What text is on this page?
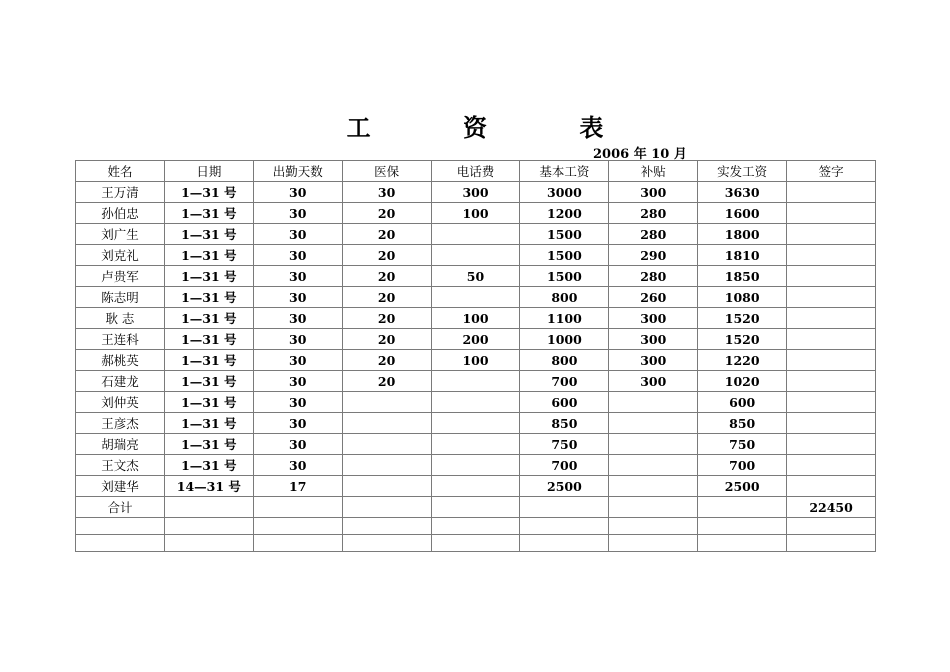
工 资 表
2006 年 10 月
姓名	日期	出勤天数	医保	电话费	基本工资	补贴	实发工资	签字
王万清	1—31 号	30	30	300	3000	300	3630	
孙伯忠	1—31 号	30	20	100	1200	280	1600	
刘广生	1—31 号	30	20		1500	280	1800	
刘克礼	1—31 号	30	20		1500	290	1810	
卢贵军	1—31 号	30	20	50	1500	280	1850	
陈志明	1—31 号	30	20		800	260	1080	
耿 志	1—31 号	30	20	100	1100	300	1520	
王连科	1—31 号	30	20	200	1000	300	1520	
郝桃英	1—31 号	30	20	100	800	300	1220	
石建龙	1—31 号	30	20		700	300	1020	
刘仲英	1—31 号	30			600		600	
王彦杰	1—31 号	30			850		850	
胡瑞亮	1—31 号	30			750		750	
王文杰	1—31 号	30			700		700	
刘建华	14—31 号	17			2500		2500	
合计								22450
